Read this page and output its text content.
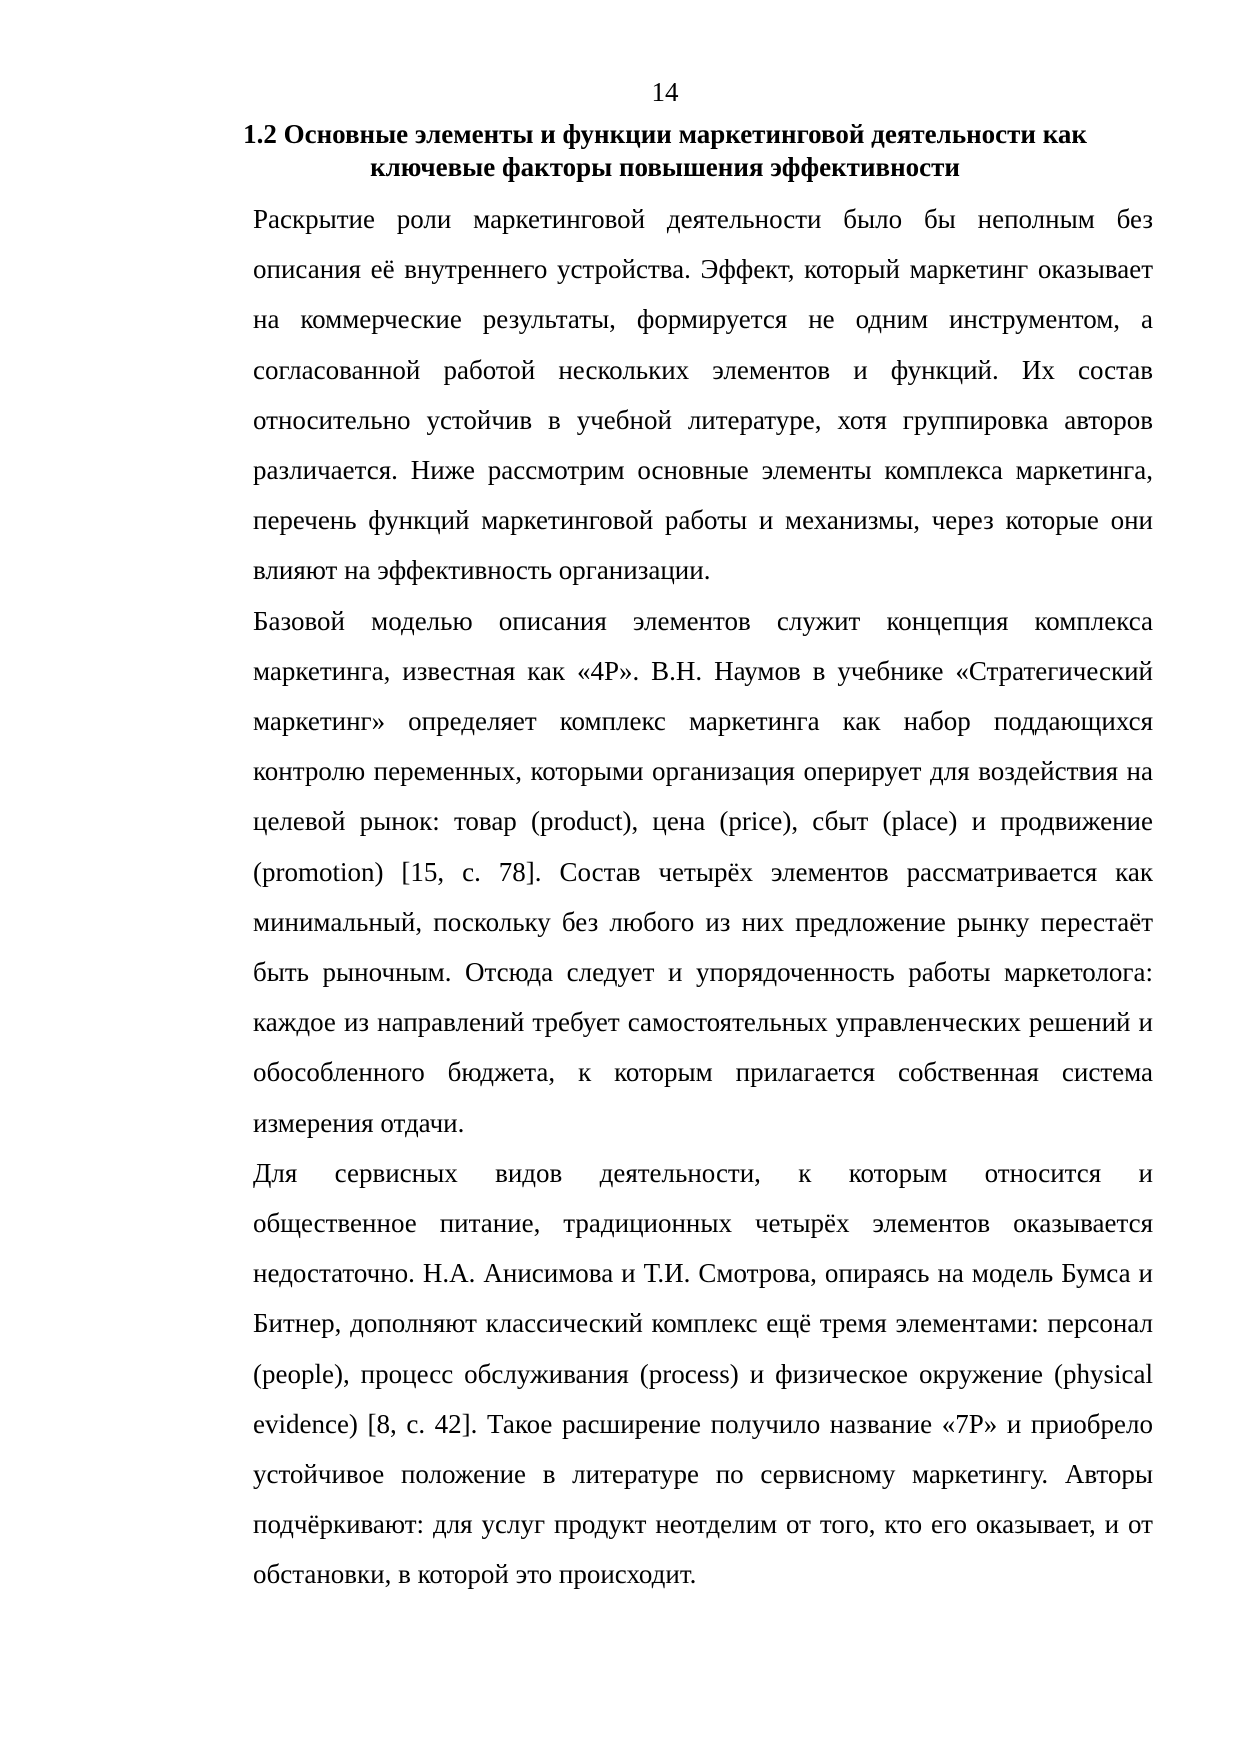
14
1.2 Основные элементы и функции маркетинговой деятельности как
ключевые факторы повышения эффективности
Раскрытие роли маркетинговой деятельности было бы неполным без
описания её внутреннего устройства. Эффект, который маркетинг оказывает
на коммерческие результаты, формируется не одним инструментом, а
согласованной работой нескольких элементов и функций. Их состав
относительно устойчив в учебной литературе, хотя группировка авторов
различается. Ниже рассмотрим основные элементы комплекса маркетинга,
перечень функций маркетинговой работы и механизмы, через которые они
влияют на эффективность организации.
Базовой моделью описания элементов служит концепция комплекса
маркетинга, известная как «4P». В.Н. Наумов в учебнике «Стратегический
маркетинг» определяет комплекс маркетинга как набор поддающихся
контролю переменных, которыми организация оперирует для воздействия на
целевой рынок: товар (product), цена (price), сбыт (place) и продвижение
(promotion) [15, с. 78]. Состав четырёх элементов рассматривается как
минимальный, поскольку без любого из них предложение рынку перестаёт
быть рыночным. Отсюда следует и упорядоченность работы маркетолога:
каждое из направлений требует самостоятельных управленческих решений и
обособленного бюджета, к которым прилагается собственная система
измерения отдачи.
Для сервисных видов деятельности, к которым относится и
общественное питание, традиционных четырёх элементов оказывается
недостаточно. Н.А. Анисимова и Т.И. Смотрова, опираясь на модель Бумса и
Битнер, дополняют классический комплекс ещё тремя элементами: персонал
(people), процесс обслуживания (process) и физическое окружение (physical
evidence) [8, с. 42]. Такое расширение получило название «7P» и приобрело
устойчивое положение в литературе по сервисному маркетингу. Авторы
подчёркивают: для услуг продукт неотделим от того, кто его оказывает, и от
обстановки, в которой это происходит.
